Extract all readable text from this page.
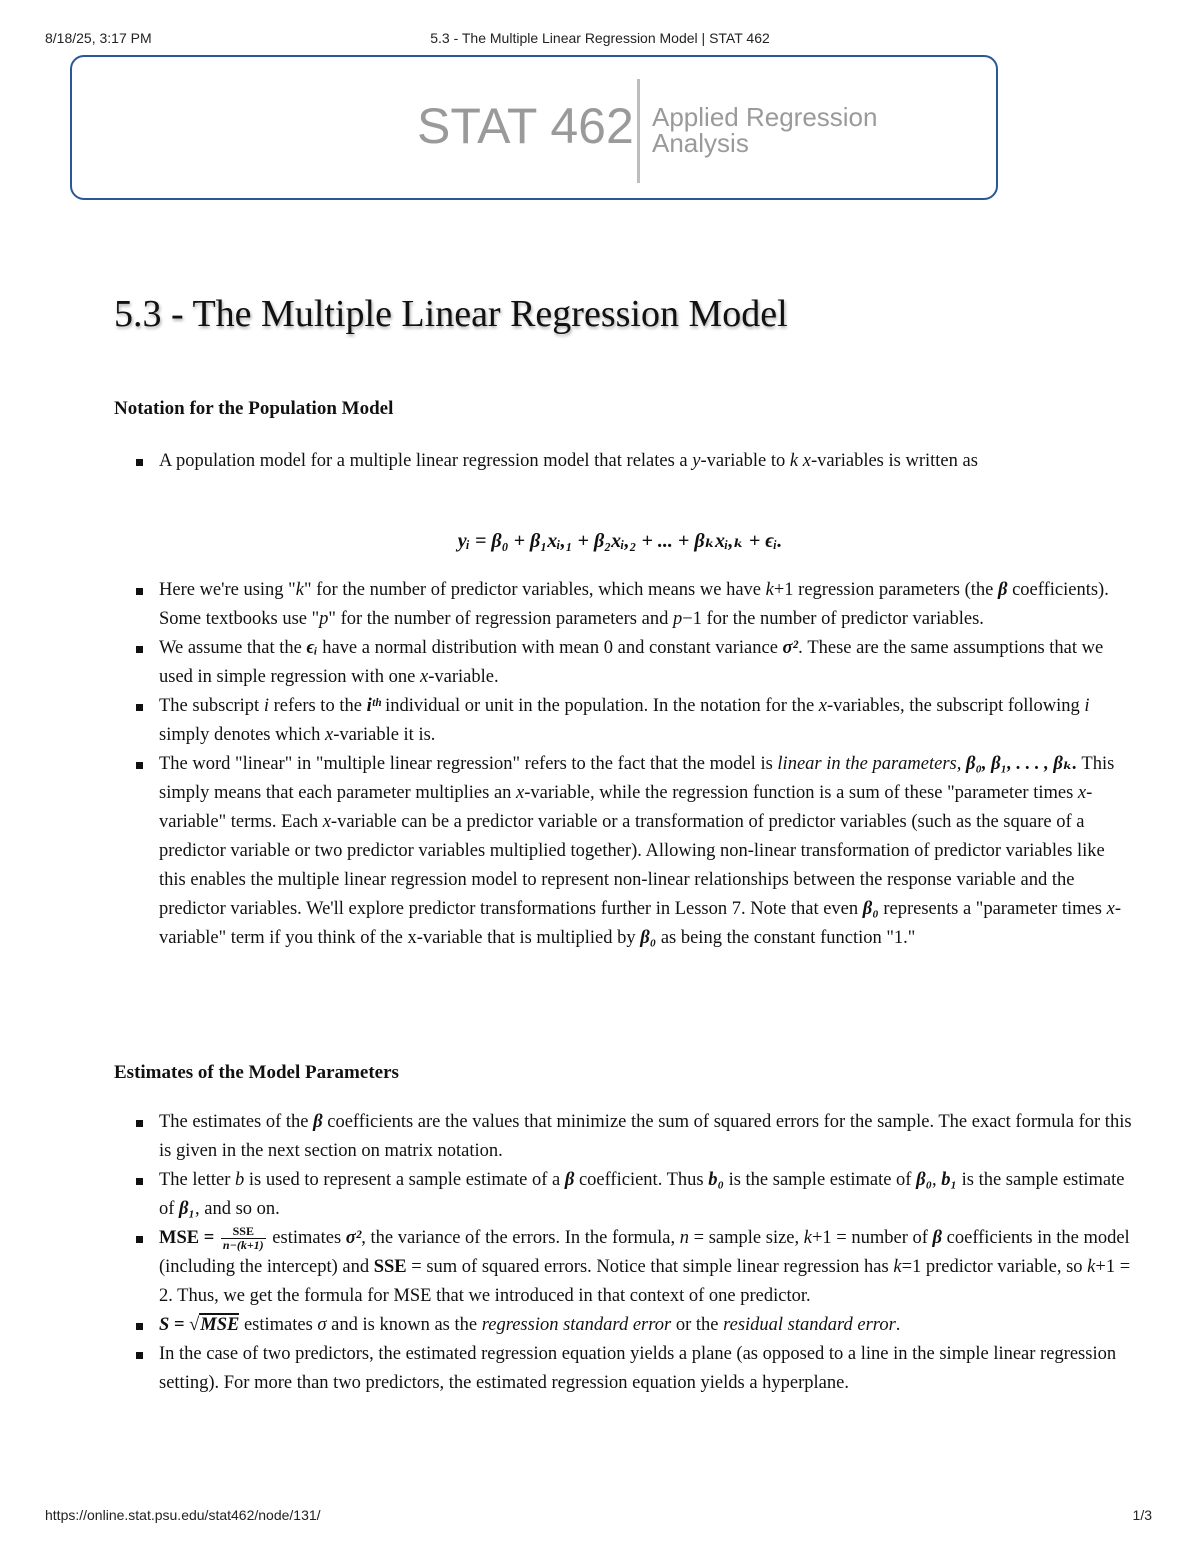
8/18/25, 3:17 PM	5.3 - The Multiple Linear Regression Model | STAT 462
STAT 462 Applied Regression Analysis
5.3 - The Multiple Linear Regression Model
Notation for the Population Model
A population model for a multiple linear regression model that relates a y-variable to k x-variables is written as
yᵢ = β₀ + β₁xᵢ,₁ + β₂xᵢ,₂ + ... + βₖxᵢ,ₖ + ϵᵢ.
Here we're using "k" for the number of predictor variables, which means we have k+1 regression parameters (the β coefficients). Some textbooks use "p" for the number of regression parameters and p−1 for the number of predictor variables.
We assume that the ϵᵢ have a normal distribution with mean 0 and constant variance σ². These are the same assumptions that we used in simple regression with one x-variable.
The subscript i refers to the iᵗʰ individual or unit in the population. In the notation for the x-variables, the subscript following i simply denotes which x-variable it is.
The word "linear" in "multiple linear regression" refers to the fact that the model is linear in the parameters, β₀, β₁, . . . , βₖ. This simply means that each parameter multiplies an x-variable, while the regression function is a sum of these "parameter times x-variable" terms. Each x-variable can be a predictor variable or a transformation of predictor variables (such as the square of a predictor variable or two predictor variables multiplied together). Allowing non-linear transformation of predictor variables like this enables the multiple linear regression model to represent non-linear relationships between the response variable and the predictor variables. We'll explore predictor transformations further in Lesson 7. Note that even β₀ represents a "parameter times x-variable" term if you think of the x-variable that is multiplied by β₀ as being the constant function "1."
Estimates of the Model Parameters
The estimates of the β coefficients are the values that minimize the sum of squared errors for the sample. The exact formula for this is given in the next section on matrix notation.
The letter b is used to represent a sample estimate of a β coefficient. Thus b₀ is the sample estimate of β₀, b₁ is the sample estimate of β₁, and so on.
MSE = $\frac{\text{SSE}}{n-(k+1)}$ estimates σ², the variance of the errors. In the formula, n = sample size, k+1 = number of β coefficients in the model (including the intercept) and SSE = sum of squared errors. Notice that simple linear regression has k=1 predictor variable, so k+1 = 2. Thus, we get the formula for MSE that we introduced in that context of one predictor.
S = √MSE estimates σ and is known as the regression standard error or the residual standard error.
In the case of two predictors, the estimated regression equation yields a plane (as opposed to a line in the simple linear regression setting). For more than two predictors, the estimated regression equation yields a hyperplane.
https://online.stat.psu.edu/stat462/node/131/	1/3
